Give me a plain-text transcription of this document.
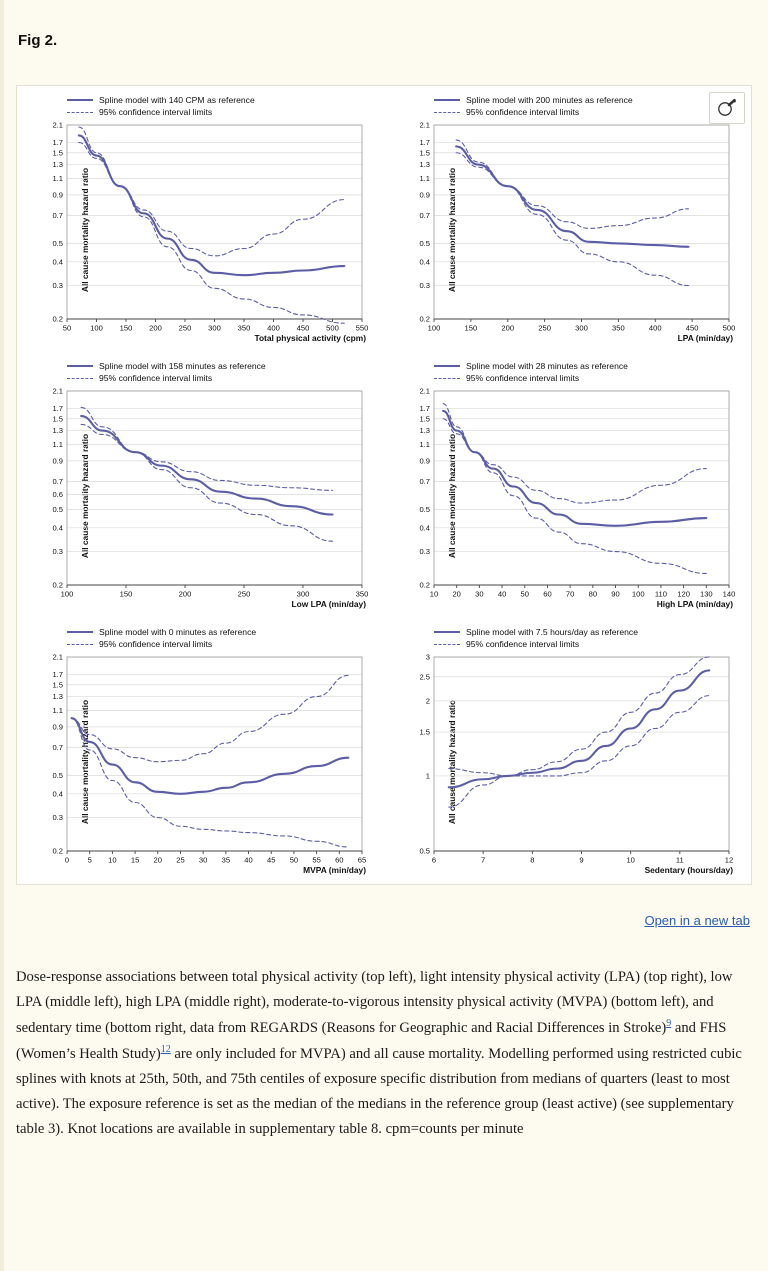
Fig 2.
Spline model with 140 CPM as reference
95% confidence interval limits
All cause mortality hazard ratio
0.2
0.3
0.4
0.5
0.7
0.9
1.1
1.3
1.5
1.7
2.1
50 100 150 200 250 300 350 400 450 500 550
Total physical activity (cpm)
Spline model with 200 minutes as reference
95% confidence interval limits
All cause mortality hazard ratio
0.2
0.3
0.4
0.5
0.7
0.9
1.1
1.3
1.5
1.7
2.1
100	150	200	250	300	350	400	450	500
LPA (min/day)
Spline model with 158 minutes as reference
95% confidence interval limits
All cause mortality hazard ratio
0.2
0.3
0.4
0.5
0.6
0.7
0.9
1.1
1.3
1.5
1.7
2.1
100	150	200	250	300	350
Low LPA (min/day)
Spline model with 28 minutes as reference
95% confidence interval limits
All cause mortality hazard ratio
0.2
0.3
0.4
0.5
0.7
0.9
1.1
1.3
1.5
1.7
2.1
10 20 30 40 50 60 70 80 90 100 110 120 130 140
High LPA (min/day)
Spline model with 0 minutes as reference
95% confidence interval limits
All cause mortality hazard ratio
0.2
0.3
0.4
0.5
0.7
0.9
1.1
1.3
1.5
1.7
2.1
0 5 10 15 20 25 30 35 40 45 50 55 60 65
MVPA (min/day)
Spline model with 7.5 hours/day as reference
95% confidence interval limits
All cause mortality hazard ratio
0.5
1
1.5
2
2.5
3
6	7	8	9	10	11	12
Sedentary (hours/day)
Open in a new tab
Dose-response associations between total physical activity (top left), light intensity physical activity (LPA) (top right), low LPA (middle left), high LPA (middle right), moderate-to-vigorous intensity physical activity (MVPA) (bottom left), and sedentary time (bottom right, data from REGARDS (Reasons for Geographic and Racial Differences in Stroke)$^9$ and FHS (Women’s Health Study)$^{12}$ are only included for MVPA) and all cause mortality. Modelling performed using restricted cubic splines with knots at 25th, 50th, and 75th centiles of exposure specific distribution from medians of quarters (least to most active). The exposure reference is set as the median of the medians in the reference group (least active) (see supplementary table 3). Knot locations are available in supplementary table 8. cpm=counts per minute
